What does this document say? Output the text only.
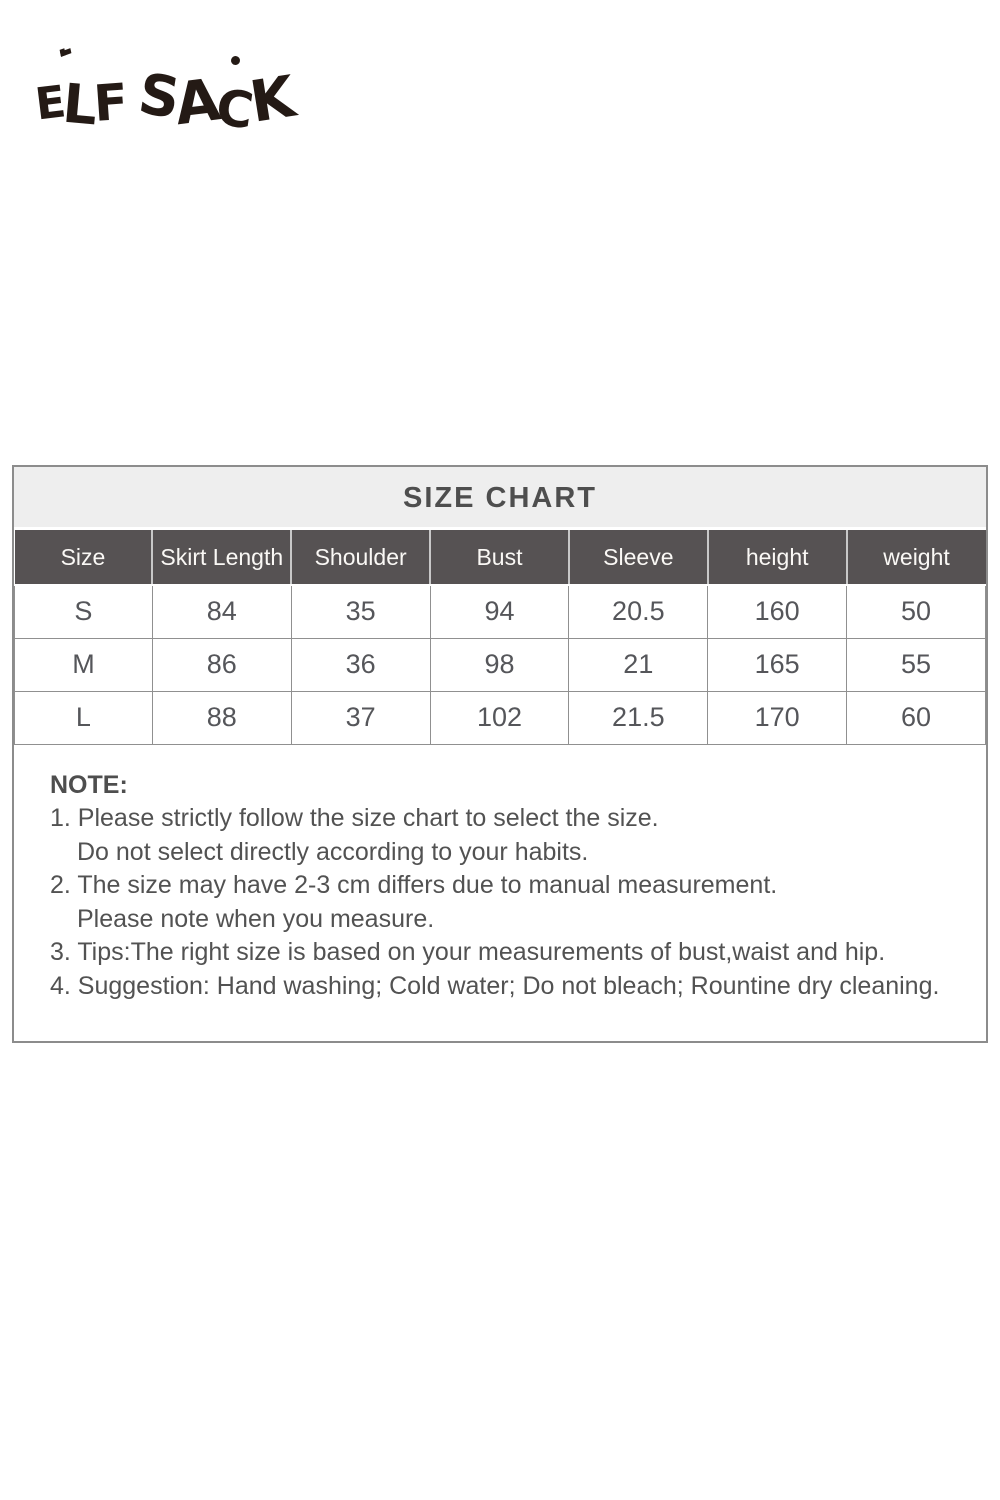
E
L
F S
A
C
K
SIZE CHART
Size	Skirt Length	Shoulder	Bust	Sleeve	height	weight
S	84	35	94	20.5	160	50
M	86	36	98	21	165	55
L	88	37	102	21.5	170	60
NOTE:
1. Please strictly follow the size chart to select the size.
Do not select directly according to your habits.
2. The size may have 2-3 cm differs due to manual measurement.
Please note when you measure.
3. Tips:The right size is based on your measurements of bust,waist and hip.
4. Suggestion: Hand washing; Cold water; Do not bleach; Rountine dry cleaning.
